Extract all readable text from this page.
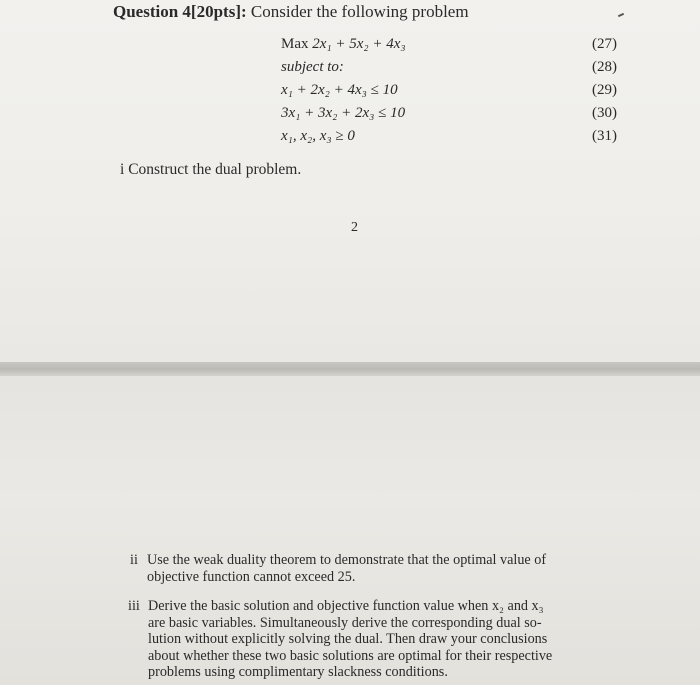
Question 4[20pts]: Consider the following problem
Max 2x₁ + 5x₂ + 4x₃	(27)
subject to:	(28)
x₁ + 2x₂ + 4x₃ ≤ 10	(29)
3x₁ + 3x₂ + 2x₃ ≤ 10	(30)
x₁, x₂, x₃ ≥ 0	(31)
i Construct the dual problem.
2
ii Use the weak duality theorem to demonstrate that the optimal value of
objective function cannot exceed 25.
iii Derive the basic solution and objective function value when x₂ and x₃
are basic variables. Simultaneously derive the corresponding dual so-
lution without explicitly solving the dual. Then draw your conclusions
about whether these two basic solutions are optimal for their respective
problems using complimentary slackness conditions.
